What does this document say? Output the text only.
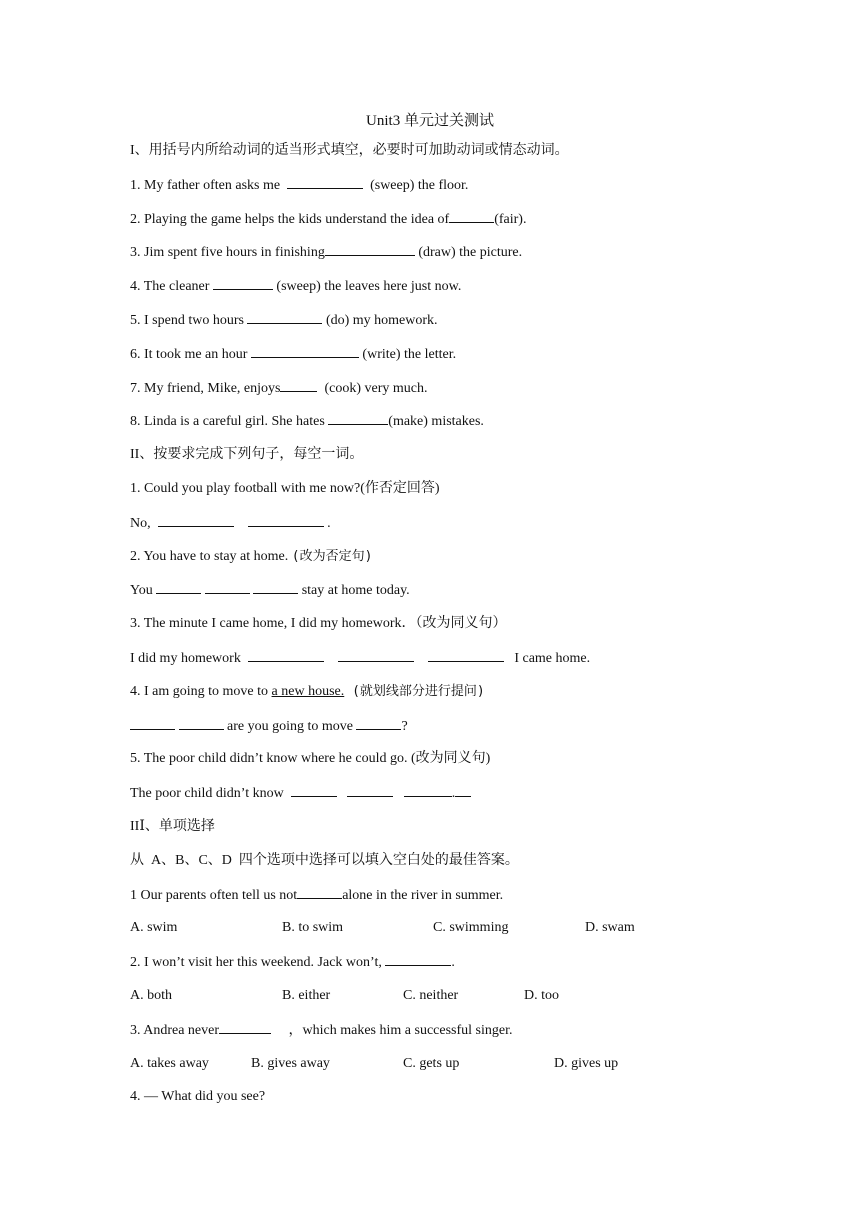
Unit3 单元过关测试
I、用括号内所给动词的适当形式填空，必要时可加助动词或情态动词。
1. My father often asks me	(sweep) the floor.
2. Playing the game helps the kids understand the idea of	(fair).
3. Jim spent five hours in finishing	(draw) the picture.
4. The cleaner	(sweep) the leaves here just now.
5. I spend two hours	(do) my homework.
6. It took me an hour	(write) the letter.
7. My friend, Mike, enjoys	(cook) very much.
8. Linda is a careful girl. She hates	(make) mistakes.
II、按要求完成下列句子，每空一词。
1. Could you play football with me now?(作否定回答)
No,	.
2. You have to stay at home. (改为否定句)
You	stay at home today.
3. The minute I came home, I did my homework．（改为同义句）
I did my homework	I came home.
4. I am going to move to a new house. (就划线部分进行提问)
are you going to move	?
5. The poor child didn’t know where he could go. (改为同义句)
The poor child didn’t know	.
IIⅠ、单项选择
从  A、B、C、D  四个选项中选择可以填入空白处的最佳答案。
1 Our parents often tell us not	alone in the river in summer.
A. swim	B. to swim	C. swimming	D. swam
2. I won’t visit her this weekend. Jack won’t,	.
A. both	B. either	C. neither	D. too
3. Andrea never	，which makes him a successful singer.
A. takes away	B. gives away	C. gets up	D. gives up
4. — What did you see?
